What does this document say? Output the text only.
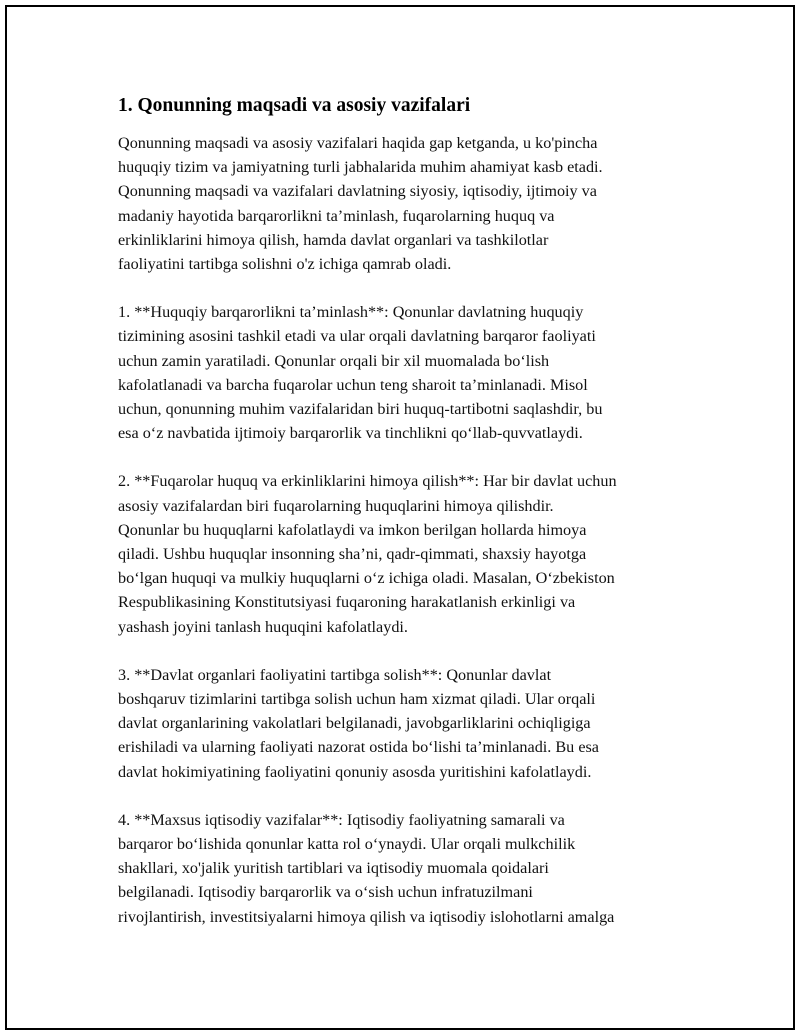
1. Qonunning maqsadi va asosiy vazifalari

Qonunning maqsadi va asosiy vazifalari haqida gap ketganda, u ko'pincha
huquqiy tizim va jamiyatning turli jabhalarida muhim ahamiyat kasb etadi.
Qonunning maqsadi va vazifalari davlatning siyosiy, iqtisodiy, ijtimoiy va
madaniy hayotida barqarorlikni ta’minlash, fuqarolarning huquq va
erkinliklarini himoya qilish, hamda davlat organlari va tashkilotlar
faoliyatini tartibga solishni o'z ichiga qamrab oladi.

1. **Huquqiy barqarorlikni ta’minlash**: Qonunlar davlatning huquqiy
tizimining asosini tashkil etadi va ular orqali davlatning barqaror faoliyati
uchun zamin yaratiladi. Qonunlar orqali bir xil muomalada bo‘lish
kafolatlanadi va barcha fuqarolar uchun teng sharoit ta’minlanadi. Misol
uchun, qonunning muhim vazifalaridan biri huquq-tartibotni saqlashdir, bu
esa o‘z navbatida ijtimoiy barqarorlik va tinchlikni qo‘llab-quvvatlaydi.

2. **Fuqarolar huquq va erkinliklarini himoya qilish**: Har bir davlat uchun
asosiy vazifalardan biri fuqarolarning huquqlarini himoya qilishdir.
Qonunlar bu huquqlarni kafolatlaydi va imkon berilgan hollarda himoya
qiladi. Ushbu huquqlar insonning sha’ni, qadr-qimmati, shaxsiy hayotga
bo‘lgan huquqi va mulkiy huquqlarni o‘z ichiga oladi. Masalan, O‘zbekiston
Respublikasining Konstitutsiyasi fuqaroning harakatlanish erkinligi va
yashash joyini tanlash huquqini kafolatlaydi.

3. **Davlat organlari faoliyatini tartibga solish**: Qonunlar davlat
boshqaruv tizimlarini tartibga solish uchun ham xizmat qiladi. Ular orqali
davlat organlarining vakolatlari belgilanadi, javobgarliklarini ochiqligiga
erishiladi va ularning faoliyati nazorat ostida bo‘lishi ta’minlanadi. Bu esa
davlat hokimiyatining faoliyatini qonuniy asosda yuritishini kafolatlaydi.

4. **Maxsus iqtisodiy vazifalar**: Iqtisodiy faoliyatning samarali va
barqaror bo‘lishida qonunlar katta rol o‘ynaydi. Ular orqali mulkchilik
shakllari, xo'jalik yuritish tartiblari va iqtisodiy muomala qoidalari
belgilanadi. Iqtisodiy barqarorlik va o‘sish uchun infratuzilmani
rivojlantirish, investitsiyalarni himoya qilish va iqtisodiy islohotlarni amalga
